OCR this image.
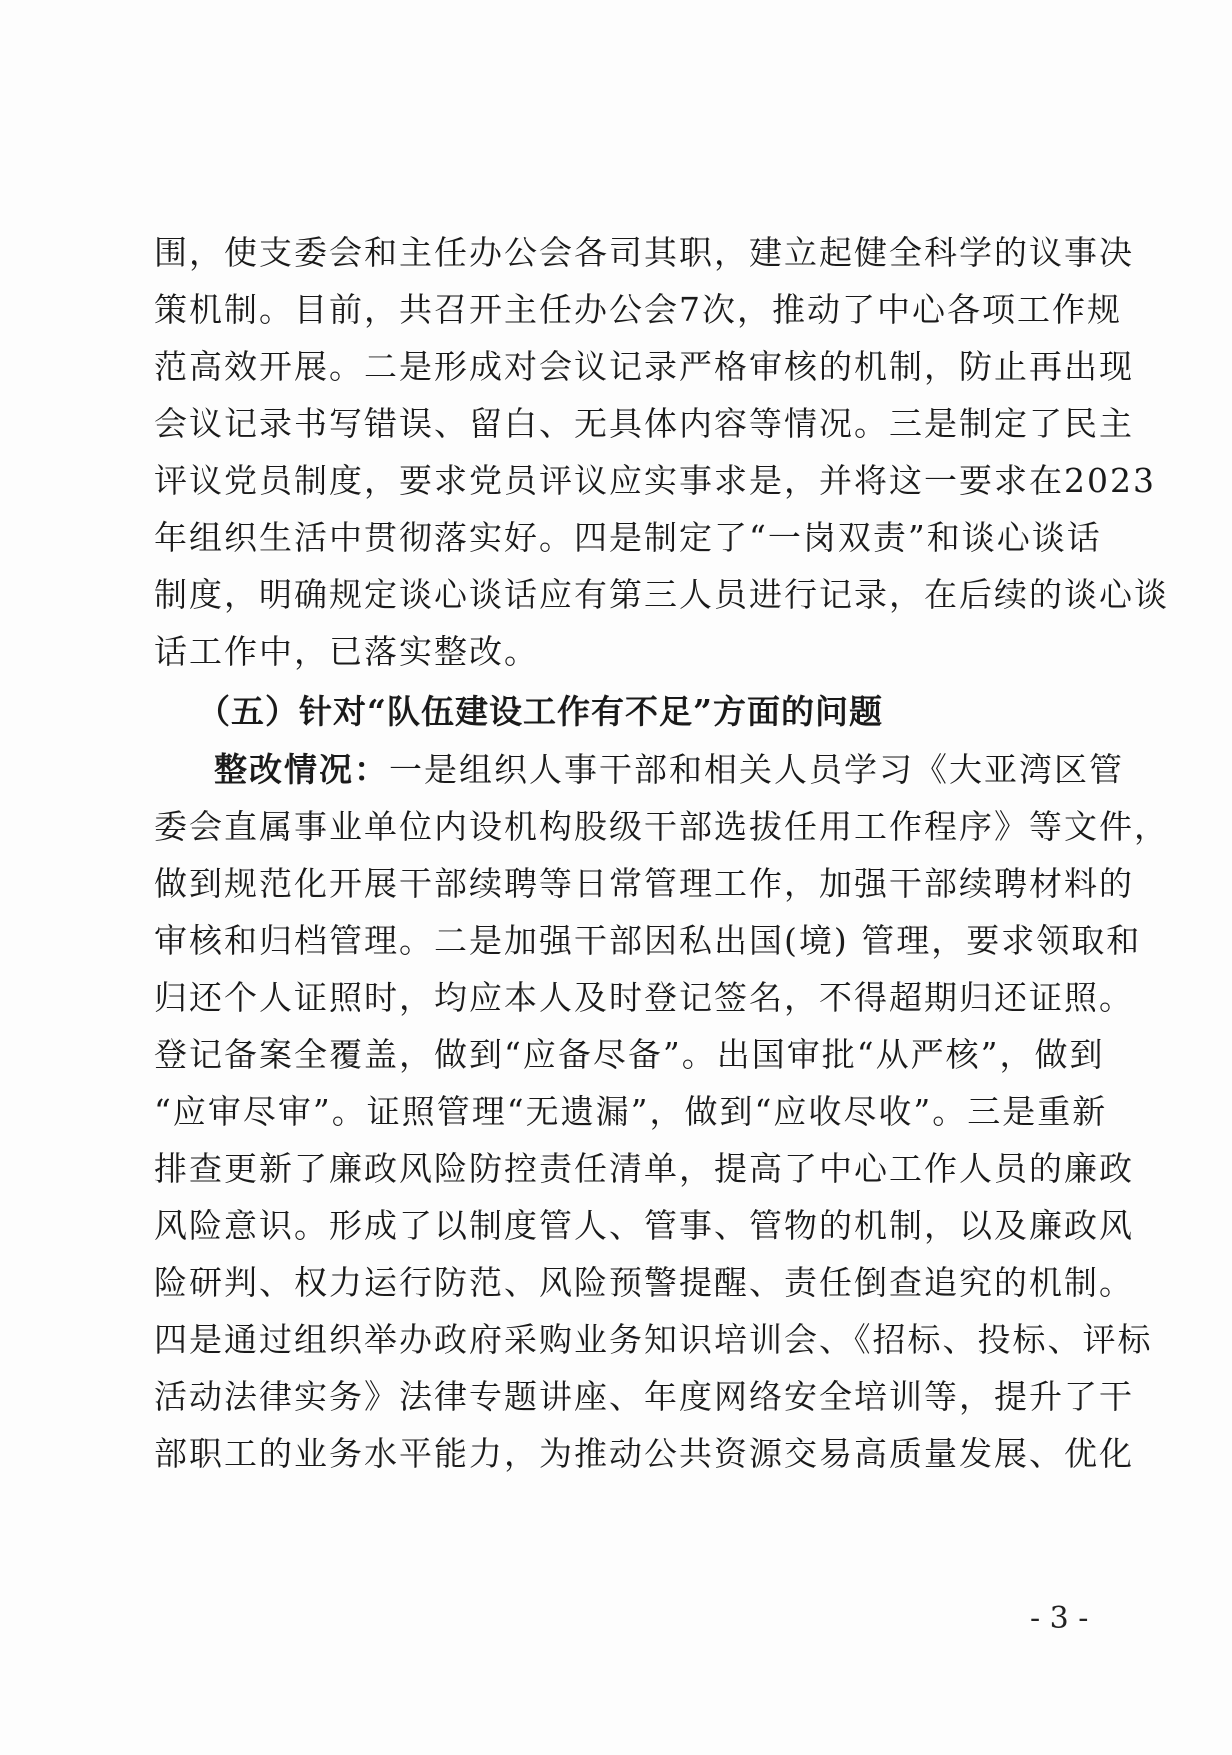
围，使支委会和主任办公会各司其职，建立起健全科学的议事决
策机制。目前，共召开主任办公会7次，推动了中心各项工作规
范高效开展。二是形成对会议记录严格审核的机制，防止再出现
会议记录书写错误、留白、无具体内容等情况。三是制定了民主
评议党员制度，要求党员评议应实事求是，并将这一要求在2023
年组织生活中贯彻落实好。四是制定了“一岗双责”和谈心谈话
制度，明确规定谈心谈话应有第三人员进行记录，在后续的谈心谈
话工作中，已落实整改。
（五）针对“队伍建设工作有不足”方面的问题
整改情况：一是组织人事干部和相关人员学习《大亚湾区管
委会直属事业单位内设机构股级干部选拔任用工作程序》等文件，
做到规范化开展干部续聘等日常管理工作，加强干部续聘材料的
审核和归档管理。二是加强干部因私出国(境) 管理，要求领取和
归还个人证照时，均应本人及时登记签名，不得超期归还证照。
登记备案全覆盖，做到“应备尽备”。出国审批“从严核”，做到
“应审尽审”。证照管理“无遗漏”，做到“应收尽收”。三是重新
排查更新了廉政风险防控责任清单，提高了中心工作人员的廉政
风险意识。形成了以制度管人、管事、管物的机制，以及廉政风
险研判、权力运行防范、风险预警提醒、责任倒查追究的机制。
四是通过组织举办政府采购业务知识培训会、《招标、投标、评标
活动法律实务》法律专题讲座、年度网络安全培训等，提升了干
部职工的业务水平能力，为推动公共资源交易高质量发展、优化
- 3 -
